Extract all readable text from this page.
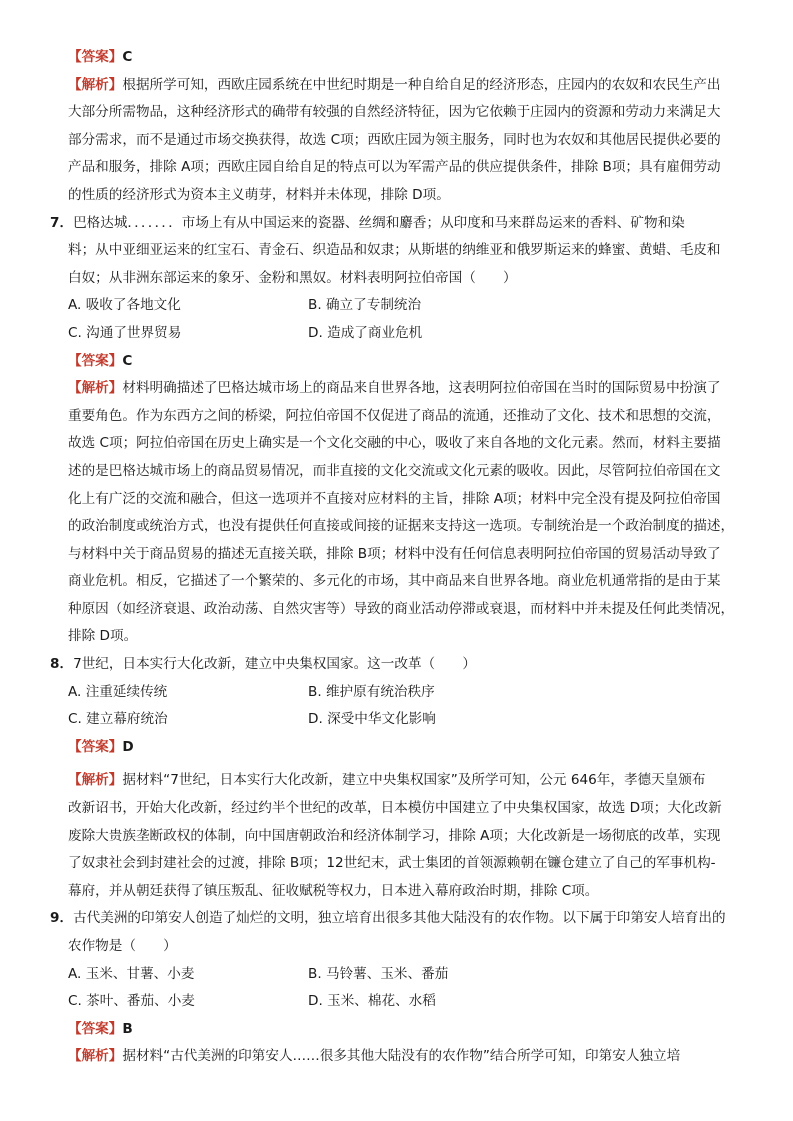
【答案】C
【解析】根据所学可知，西欧庄园系统在中世纪时期是一种自给自足的经济形态，庄园内的农奴和农民生产出
大部分所需物品，这种经济形式的确带有较强的自然经济特征，因为它依赖于庄园内的资源和劳动力来满足大
部分需求，而不是通过市场交换获得，故选 C项；西欧庄园为领主服务，同时也为农奴和其他居民提供必要的
产品和服务，排除 A项；西欧庄园自给自足的特点可以为军需产品的供应提供条件，排除 B项；具有雇佣劳动
的性质的经济形式为资本主义萌芽，材料并未体现，排除 D项。
7．巴格达城．．．．．．．市场上有从中国运来的瓷器、丝绸和麝香；从印度和马来群岛运来的香料、矿物和染
料；从中亚细亚运来的红宝石、青金石、织造品和奴隶；从斯堪的纳维亚和俄罗斯运来的蜂蜜、黄蜡、毛皮和
白奴；从非洲东部运来的象牙、金粉和黑奴。材料表明阿拉伯帝国（　　）
A. 吸收了各地文化	B. 确立了专制统治
C. 沟通了世界贸易	D. 造成了商业危机
【答案】C
【解析】材料明确描述了巴格达城市场上的商品来自世界各地，这表明阿拉伯帝国在当时的国际贸易中扮演了
重要角色。作为东西方之间的桥梁，阿拉伯帝国不仅促进了商品的流通，还推动了文化、技术和思想的交流，
故选 C项；阿拉伯帝国在历史上确实是一个文化交融的中心，吸收了来自各地的文化元素。然而，材料主要描
述的是巴格达城市场上的商品贸易情况，而非直接的文化交流或文化元素的吸收。因此，尽管阿拉伯帝国在文
化上有广泛的交流和融合，但这一选项并不直接对应材料的主旨，排除 A项；材料中完全没有提及阿拉伯帝国
的政治制度或统治方式，也没有提供任何直接或间接的证据来支持这一选项。专制统治是一个政治制度的描述，
与材料中关于商品贸易的描述无直接关联，排除 B项；材料中没有任何信息表明阿拉伯帝国的贸易活动导致了
商业危机。相反，它描述了一个繁荣的、多元化的市场，其中商品来自世界各地。商业危机通常指的是由于某
种原因（如经济衰退、政治动荡、自然灾害等）导致的商业活动停滞或衰退，而材料中并未提及任何此类情况，
排除 D项。
8．7世纪，日本实行大化改新，建立中央集权国家。这一改革（　　）
A. 注重延续传统	B. 维护原有统治秩序
C. 建立幕府统治	D. 深受中华文化影响
【答案】D
【解析】据材料“7世纪，日本实行大化改新，建立中央集权国家”及所学可知，公元 646年，孝德天皇颁布
改新诏书，开始大化改新，经过约半个世纪的改革，日本模仿中国建立了中央集权国家，故选 D项；大化改新
废除大贵族垄断政权的体制，向中国唐朝政治和经济体制学习，排除 A项；大化改新是一场彻底的改革，实现
了奴隶社会到封建社会的过渡，排除 B项；12世纪末，武士集团的首领源赖朝在镰仓建立了自己的军事机构-
幕府，并从朝廷获得了镇压叛乱、征收赋税等权力，日本进入幕府政治时期，排除 C项。
9．古代美洲的印第安人创造了灿烂的文明，独立培育出很多其他大陆没有的农作物。以下属于印第安人培育出的
农作物是（　　）
A. 玉米、甘薯、小麦	B. 马铃薯、玉米、番茄
C. 茶叶、番茄、小麦	D. 玉米、棉花、水稻
【答案】B
【解析】据材料“古代美洲的印第安人……很多其他大陆没有的农作物”结合所学可知，印第安人独立培
